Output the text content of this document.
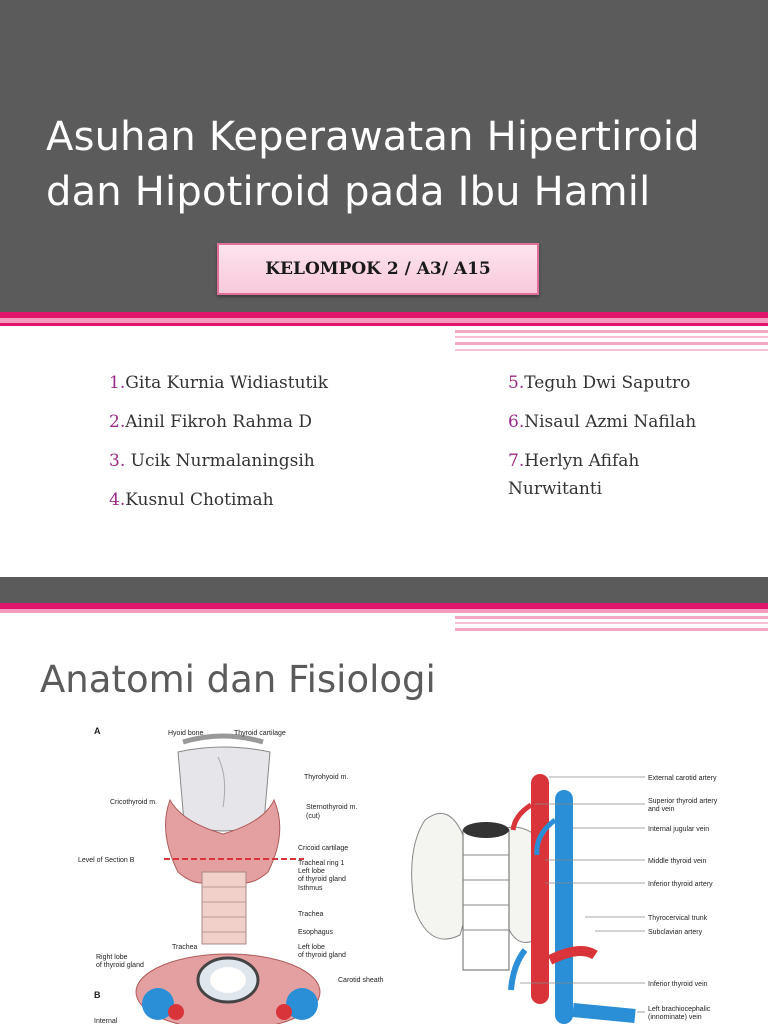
Asuhan Keperawatan Hipertiroid
dan Hipotiroid pada Ibu Hamil
KELOMPOK 2 / A3/ A15
1.Gita Kurnia Widiastutik
2.Ainil Fikroh Rahma D
3. Ucik Nurmalaningsih
4.Kusnul Chotimah
5.Teguh Dwi Saputro
6.Nisaul Azmi Nafilah
7.Herlyn Afifah
Nurwitanti
Anatomi dan Fisiologi
A	Hyoid bone	Thyroid cartilage
Thyrohyoid m.
Cricothyroid m.
Sternothyroid m.
(cut)
Level of Section B
Cricoid cartilage
Tracheal ring 1
Left lobe
of thyroid gland
Isthmus
Trachea
Esophagus
Trachea
Right lobe
of thyroid gland
Left lobe
of thyroid gland
Carotid sheath
B
Internal
External carotid artery
Superior thyroid artery
and vein
Internal jugular vein
Middle thyroid vein
Inferior thyroid artery
Thyrocervical trunk
Subclavian artery
Inferior thyroid vein
Left brachiocephalic
(innominate) vein
